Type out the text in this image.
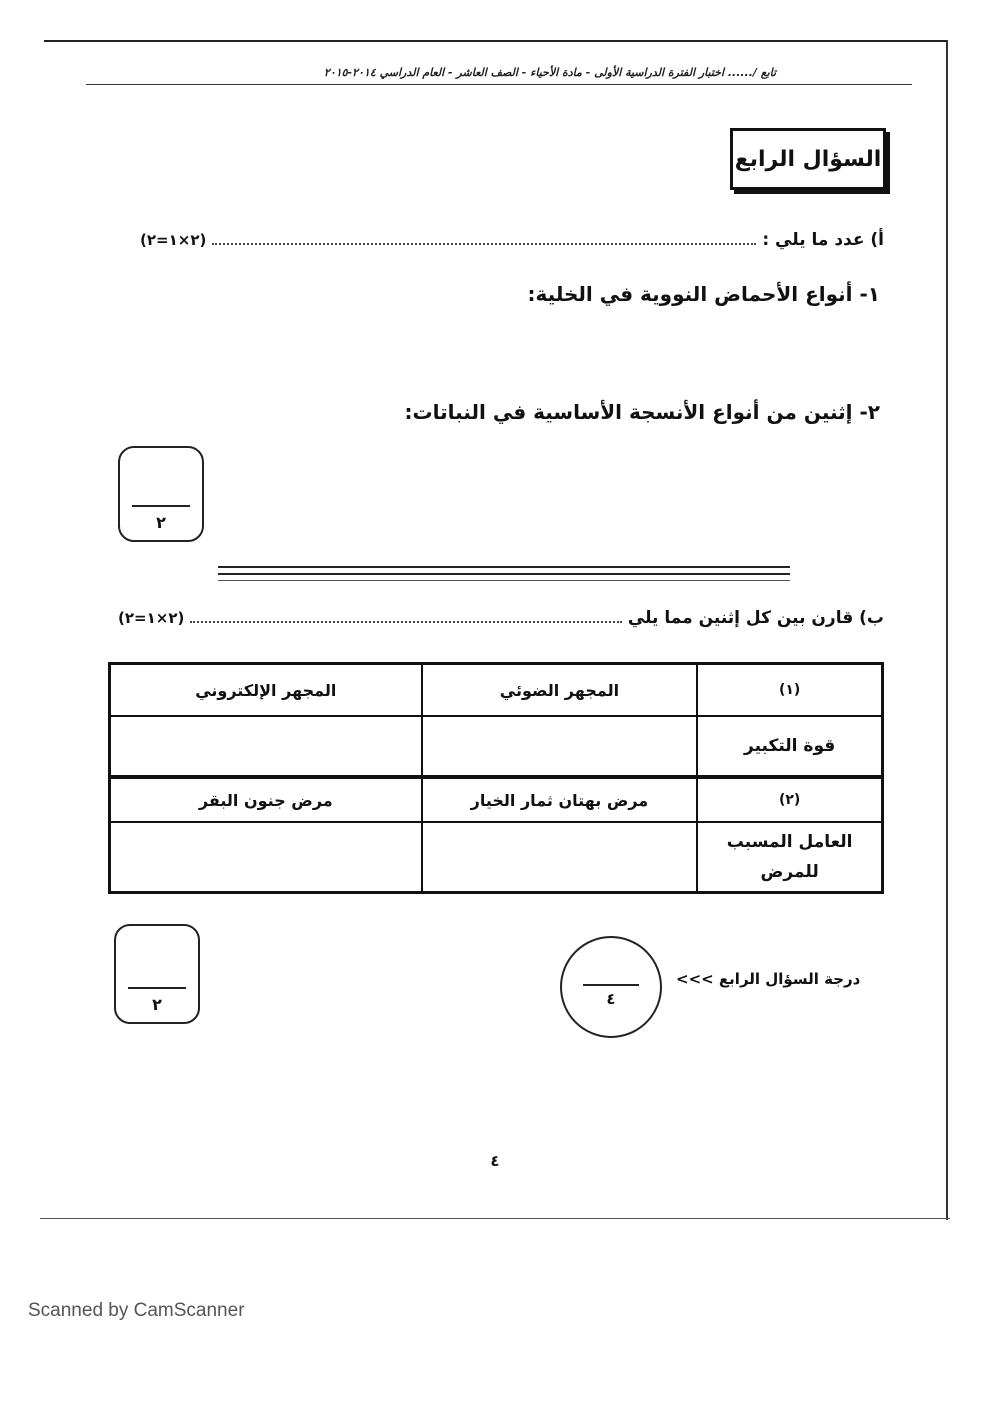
تابع /...... اختبار الفترة الدراسية الأولى - مادة الأحياء - الصف العاشر - العام الدراسي ٢٠١٤-٢٠١٥
السؤال الرابع
أ) عدد ما يلي :
(٢×١=٢)
١- أنواع الأحماض النووية في الخلية:
٢- إثنين من أنواع الأنسجة الأساسية في النباتات:
٢
ب) قارن بين كل إثنين مما يلي
(٢×١=٢)
(١)	المجهر الضوئي	المجهر الإلكتروني
قوة التكبير		
(٢)	مرض بهتان ثمار الخيار	مرض جنون البقر
العامل المسبب للمرض		
٢	٤
درجة السؤال الرابع >>>
٤
Scanned by CamScanner
